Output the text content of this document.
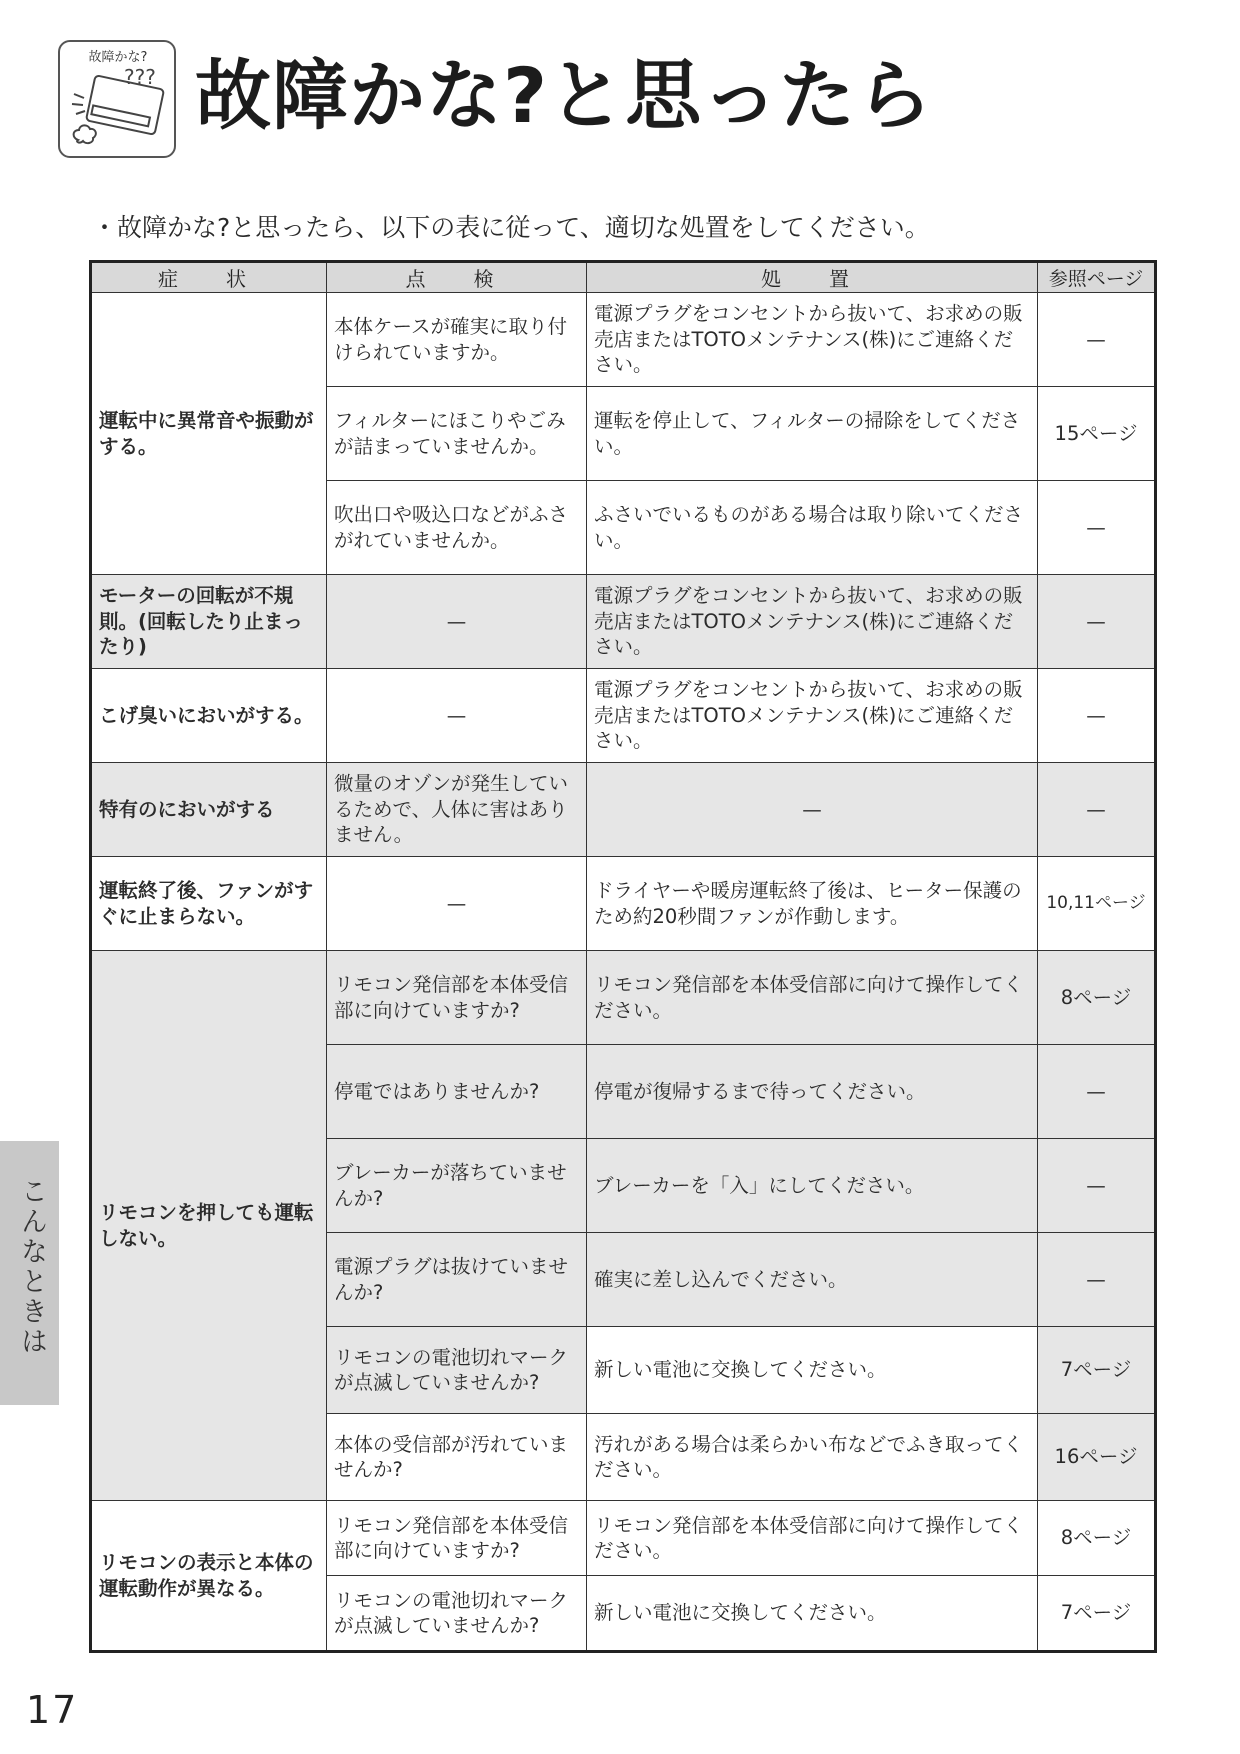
故障かな?
??? 故障かな?と思ったら
・故障かな?と思ったら、以下の表に従って、適切な処置をしてください。
症　状	点　検	処　置	参照ページ
運転中に異常音や振動がする。	本体ケースが確実に取り付けられていますか。	電源プラグをコンセントから抜いて、お求めの販売店またはTOTOメンテナンス(株)にご連絡ください。	—
	フィルターにほこりやごみが詰まっていませんか。	運転を停止して、フィルターの掃除をしてください。	15ページ
	吹出口や吸込口などがふさがれていませんか。	ふさいでいるものがある場合は取り除いてください。	—
モーターの回転が不規則。(回転したり止まったり)	—	電源プラグをコンセントから抜いて、お求めの販売店またはTOTOメンテナンス(株)にご連絡ください。	—
こげ臭いにおいがする。	—	電源プラグをコンセントから抜いて、お求めの販売店またはTOTOメンテナンス(株)にご連絡ください。	—
特有のにおいがする	微量のオゾンが発生しているためで、人体に害はありません。	—	—
運転終了後、ファンがすぐに止まらない。	—	ドライヤーや暖房運転終了後は、ヒーター保護のため約20秒間ファンが作動します。	10,11ページ
リモコンを押しても運転しない。	リモコン発信部を本体受信部に向けていますか?	リモコン発信部を本体受信部に向けて操作してください。	8ページ
	停電ではありませんか?	停電が復帰するまで待ってください。	—
	ブレーカーが落ちていませんか?	ブレーカーを「入」にしてください。	—
	電源プラグは抜けていませんか?	確実に差し込んでください。	—
	リモコンの電池切れマークが点滅していませんか?	新しい電池に交換してください。	7ページ
	本体の受信部が汚れていませんか?	汚れがある場合は柔らかい布などでふき取ってください。	16ページ
リモコンの表示と本体の運転動作が異なる。	リモコン発信部を本体受信部に向けていますか?	リモコン発信部を本体受信部に向けて操作してください。	8ページ
	リモコンの電池切れマークが点滅していませんか?	新しい電池に交換してください。	7ページ
こんなときは
17
